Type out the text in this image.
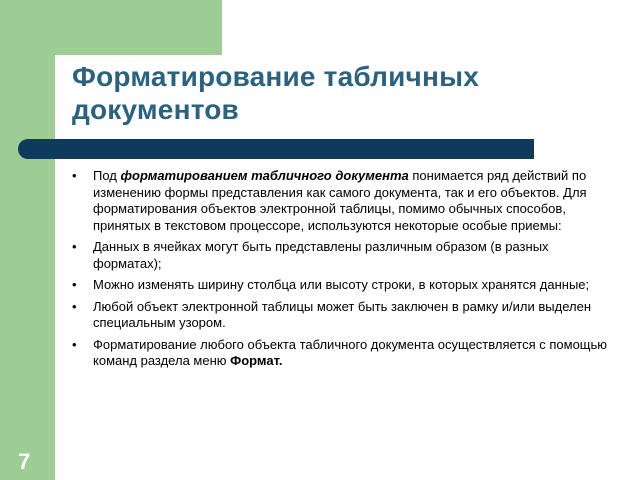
Форматирование табличных документов
• Под форматированием табличного документа понимается ряд действий по изменению формы представления как самого документа, так и его объектов. Для форматирования объектов электронной таблицы, помимо обычных способов, принятых в текстовом процессоре, используются некоторые особые приемы:
• Данных в ячейках могут быть представлены различным образом (в разных форматах);
• Можно изменять ширину столбца или высоту строки, в которых хранятся данные;
• Любой объект электронной таблицы может быть заключен в рамку и/или выделен специальным узором.
• Форматирование любого объекта табличного документа осуществляется с помощью команд раздела меню Формат.
7
